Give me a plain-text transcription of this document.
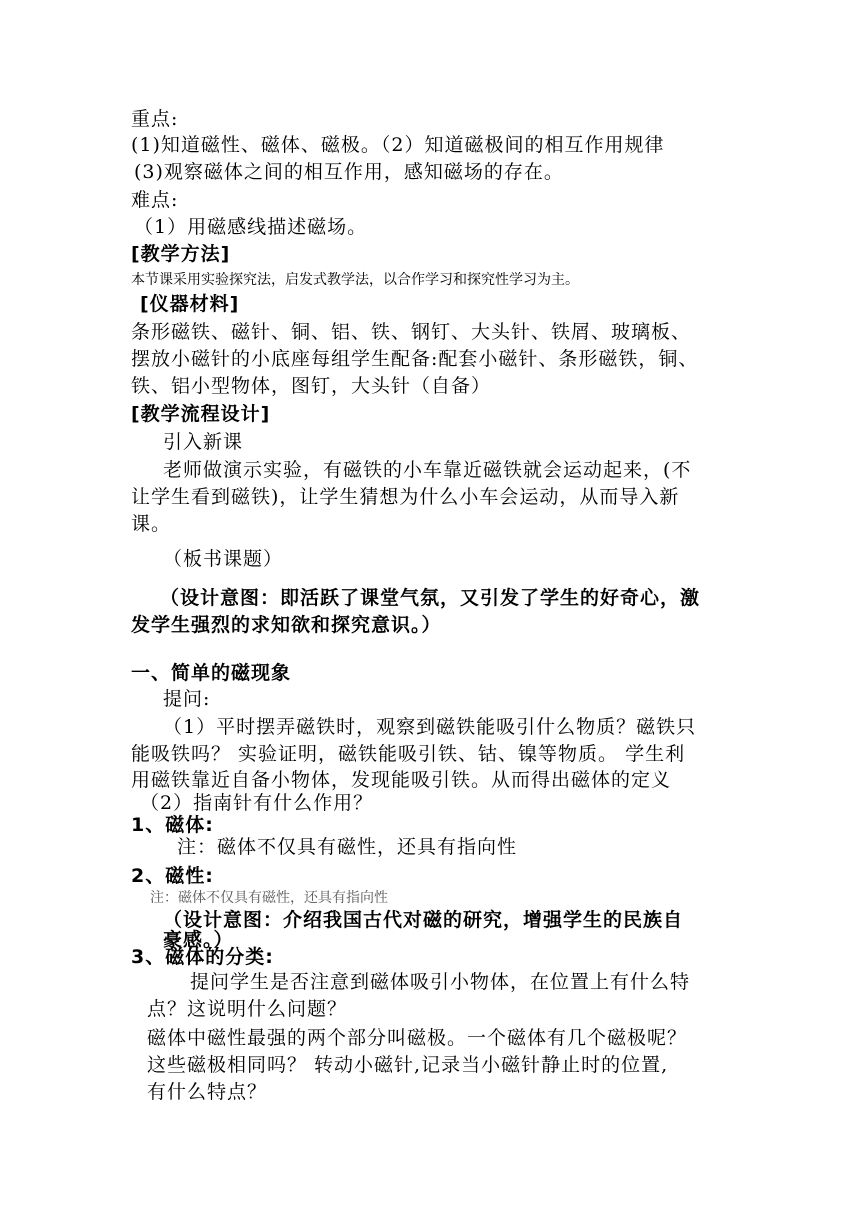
重点:
(1)知道磁性、磁体、磁极。（2）知道磁极间的相互作用规律
(3)观察磁体之间的相互作用，感知磁场的存在。
难点:
（1）用磁感线描述磁场。
[教学方法]
本节课采用实验探究法，启发式教学法，以合作学习和探究性学习为主。
[仪器材料]
条形磁铁、磁针、铜、铝、铁、钢钉、大头针、铁屑、玻璃板、
摆放小磁针的小底座每组学生配备:配套小磁针、条形磁铁，铜、
铁、铝小型物体，图钉，大头针（自备）
[教学流程设计]
引入新课
老师做演示实验，有磁铁的小车靠近磁铁就会运动起来，(不
让学生看到磁铁)，让学生猜想为什么小车会运动，从而导入新
课。
（板书课题）
（设计意图：即活跃了课堂气氛，又引发了学生的好奇心，激
发学生强烈的求知欲和探究意识。）
一、简单的磁现象
提问:
（1）平时摆弄磁铁时，观察到磁铁能吸引什么物质？磁铁只
能吸铁吗？ 实验证明，磁铁能吸引铁、钴、镍等物质。 学生利
用磁铁靠近自备小物体，发现能吸引铁。从而得出磁体的定义
（2）指南针有什么作用？
1、磁体:
注：磁体不仅具有磁性，还具有指向性
2、磁性:
注：磁体不仅具有磁性，还具有指向性
（设计意图：介绍我国古代对磁的研究，增强学生的民族自
豪感。）
3、磁体的分类:
提问学生是否注意到磁体吸引小物体，在位置上有什么特
点？这说明什么问题？
磁体中磁性最强的两个部分叫磁极。一个磁体有几个磁极呢？
这些磁极相同吗？ 转动小磁针,记录当小磁针静止时的位置,
有什么特点？
